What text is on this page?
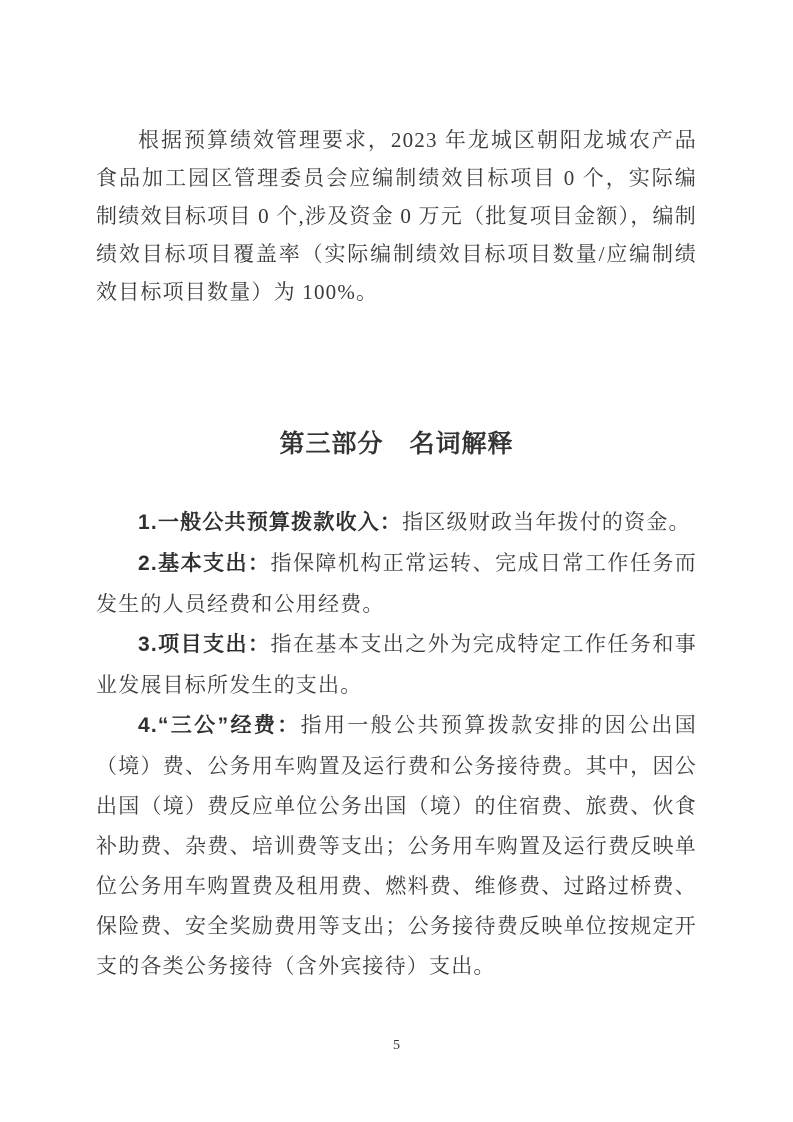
根据预算绩效管理要求，2023 年龙城区朝阳龙城农产品食品加工园区管理委员会应编制绩效目标项目 0 个，实际编制绩效目标项目 0 个,涉及资金 0 万元（批复项目金额），编制绩效目标项目覆盖率（实际编制绩效目标项目数量/应编制绩效目标项目数量）为 100%。

第三部分　名词解释

1.一般公共预算拨款收入：指区级财政当年拨付的资金。

2.基本支出：指保障机构正常运转、完成日常工作任务而发生的人员经费和公用经费。

3.项目支出：指在基本支出之外为完成特定工作任务和事业发展目标所发生的支出。

4.“三公”经费：指用一般公共预算拨款安排的因公出国（境）费、公务用车购置及运行费和公务接待费。其中，因公出国（境）费反应单位公务出国（境）的住宿费、旅费、伙食补助费、杂费、培训费等支出；公务用车购置及运行费反映单位公务用车购置费及租用费、燃料费、维修费、过路过桥费、保险费、安全奖励费用等支出；公务接待费反映单位按规定开支的各类公务接待（含外宾接待）支出。

5
